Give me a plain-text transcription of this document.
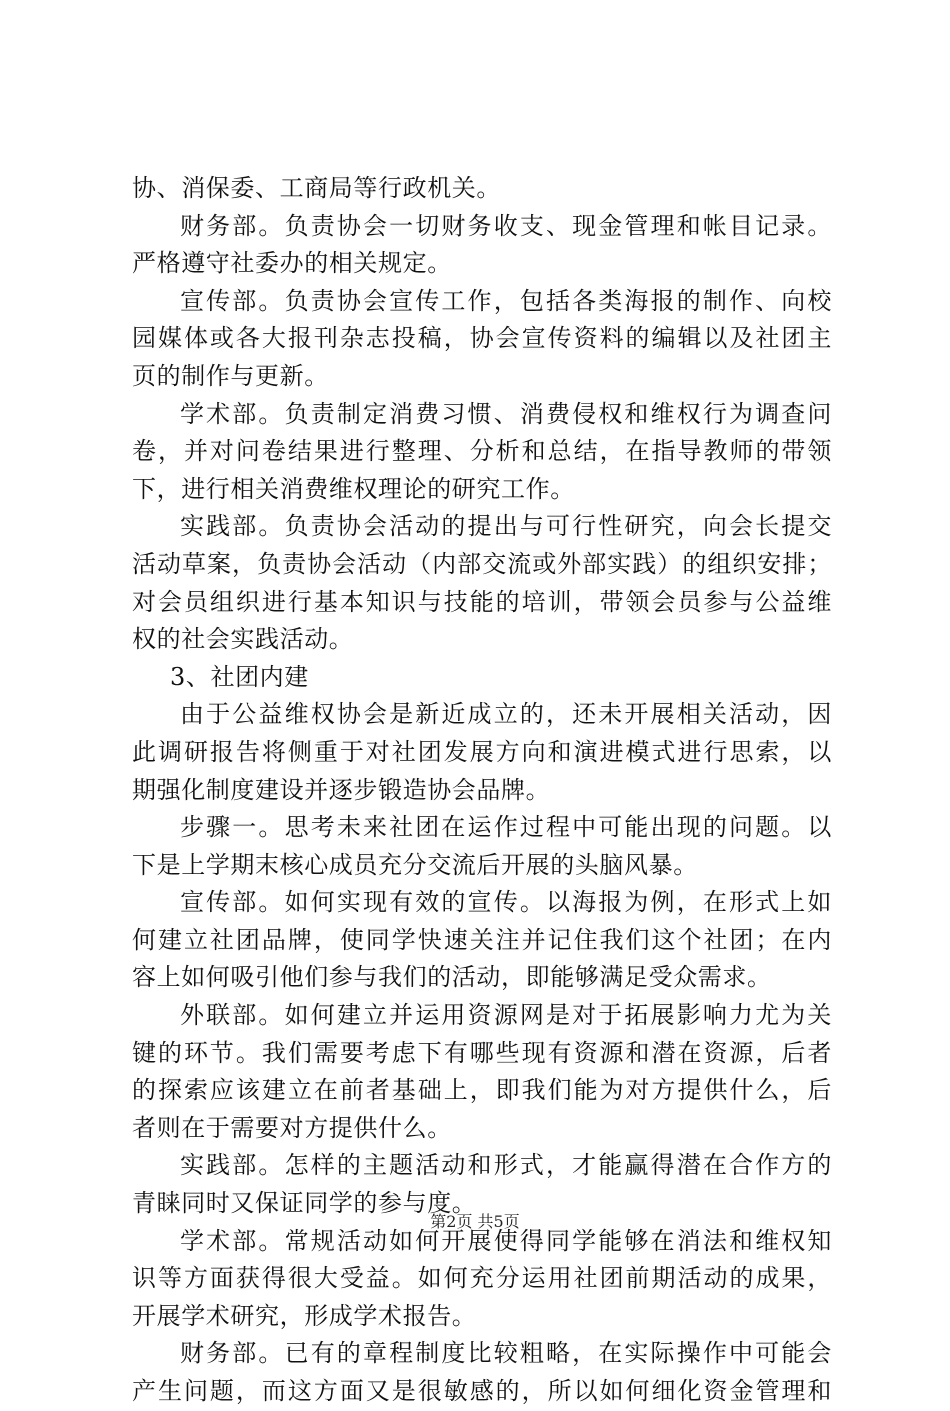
协、消保委、工商局等行政机关。
财务部。负责协会一切财务收支、现金管理和帐目记录。
严格遵守社委办的相关规定。
宣传部。负责协会宣传工作，包括各类海报的制作、向校
园媒体或各大报刊杂志投稿，协会宣传资料的编辑以及社团主
页的制作与更新。
学术部。负责制定消费习惯、消费侵权和维权行为调查问
卷，并对问卷结果进行整理、分析和总结，在指导教师的带领
下，进行相关消费维权理论的研究工作。
实践部。负责协会活动的提出与可行性研究，向会长提交
活动草案，负责协会活动（内部交流或外部实践）的组织安排；
对会员组织进行基本知识与技能的培训，带领会员参与公益维
权的社会实践活动。
3、社团内建
由于公益维权协会是新近成立的，还未开展相关活动，因
此调研报告将侧重于对社团发展方向和演进模式进行思索，以
期强化制度建设并逐步锻造协会品牌。
步骤一。思考未来社团在运作过程中可能出现的问题。以
下是上学期末核心成员充分交流后开展的头脑风暴。
宣传部。如何实现有效的宣传。以海报为例，在形式上如
何建立社团品牌，使同学快速关注并记住我们这个社团；在内
容上如何吸引他们参与我们的活动，即能够满足受众需求。
外联部。如何建立并运用资源网是对于拓展影响力尤为关
键的环节。我们需要考虑下有哪些现有资源和潜在资源，后者
的探索应该建立在前者基础上，即我们能为对方提供什么，后
者则在于需要对方提供什么。
实践部。怎样的主题活动和形式，才能赢得潜在合作方的
青睐同时又保证同学的参与度。
学术部。常规活动如何开展使得同学能够在消法和维权知
识等方面获得很大受益。如何充分运用社团前期活动的成果，
开展学术研究，形成学术报告。
财务部。已有的章程制度比较粗略，在实际操作中可能会
产生问题，而这方面又是很敏感的，所以如何细化资金管理和
第2页 共5页
